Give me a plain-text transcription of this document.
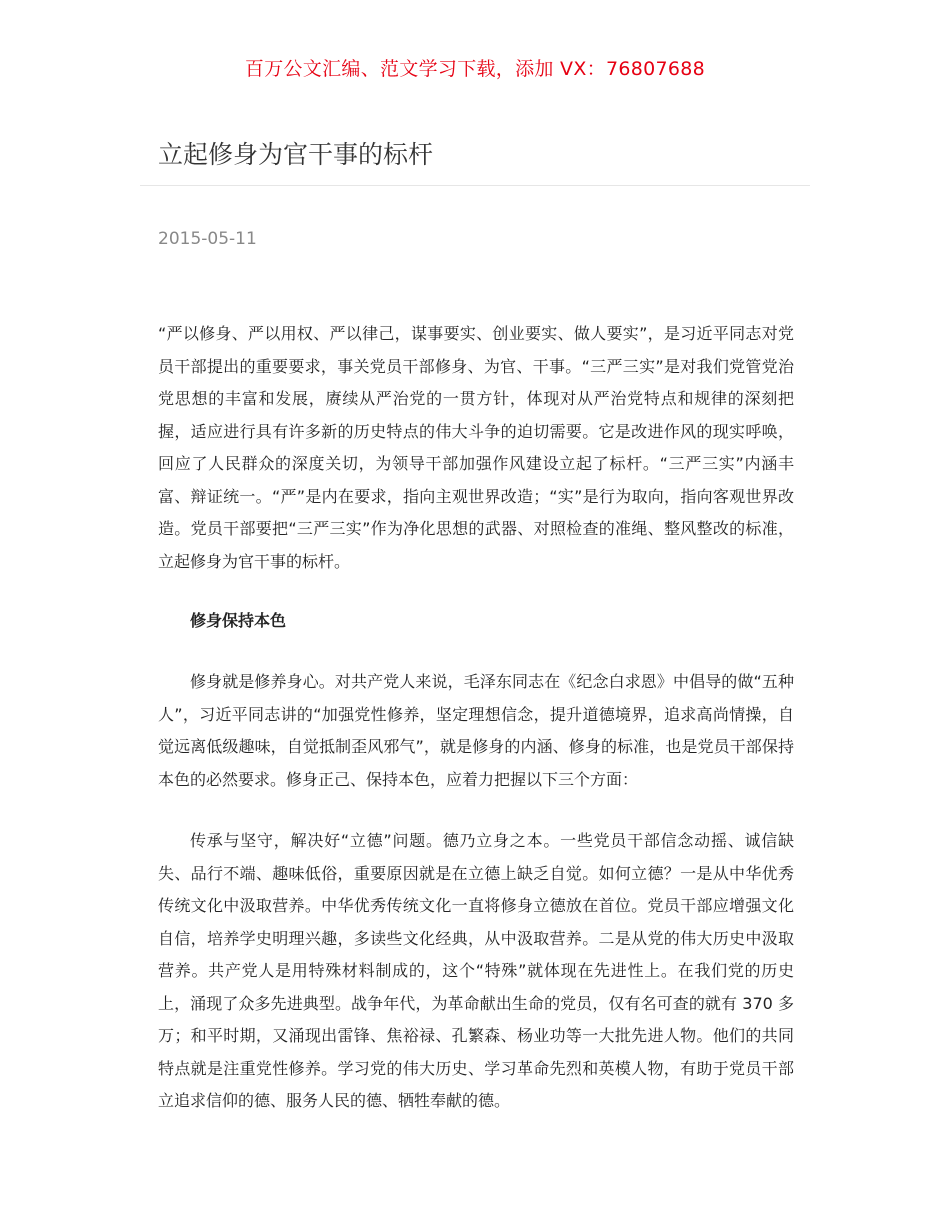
百万公文汇编、范文学习下载，添加 VX：76807688
立起修身为官干事的标杆
2015-05-11

“严以修身、严以用权、严以律己，谋事要实、创业要实、做人要实”，是习近平同志对党员干部提出的重要要求，事关党员干部修身、为官、干事。“三严三实”是对我们党管党治党思想的丰富和发展，赓续从严治党的一贯方针，体现对从严治党特点和规律的深刻把握，适应进行具有许多新的历史特点的伟大斗争的迫切需要。它是改进作风的现实呼唤，回应了人民群众的深度关切，为领导干部加强作风建设立起了标杆。“三严三实”内涵丰富、辩证统一。“严”是内在要求，指向主观世界改造；“实”是行为取向，指向客观世界改造。党员干部要把“三严三实”作为净化思想的武器、对照检查的准绳、整风整改的标准，立起修身为官干事的标杆。

修身保持本色

修身就是修养身心。对共产党人来说，毛泽东同志在《纪念白求恩》中倡导的做“五种人”，习近平同志讲的“加强党性修养，坚定理想信念，提升道德境界，追求高尚情操，自觉远离低级趣味，自觉抵制歪风邪气”，就是修身的内涵、修身的标准，也是党员干部保持本色的必然要求。修身正己、保持本色，应着力把握以下三个方面：

传承与坚守，解决好“立德”问题。德乃立身之本。一些党员干部信念动摇、诚信缺失、品行不端、趣味低俗，重要原因就是在立德上缺乏自觉。如何立德？一是从中华优秀传统文化中汲取营养。中华优秀传统文化一直将修身立德放在首位。党员干部应增强文化自信，培养学史明理兴趣，多读些文化经典，从中汲取营养。二是从党的伟大历史中汲取营养。共产党人是用特殊材料制成的，这个“特殊”就体现在先进性上。在我们党的历史上，涌现了众多先进典型。战争年代，为革命献出生命的党员，仅有名可查的就有 370 多万；和平时期，又涌现出雷锋、焦裕禄、孔繁森、杨业功等一大批先进人物。他们的共同特点就是注重党性修养。学习党的伟大历史、学习革命先烈和英模人物，有助于党员干部立追求信仰的德、服务人民的德、牺牲奉献的德。
